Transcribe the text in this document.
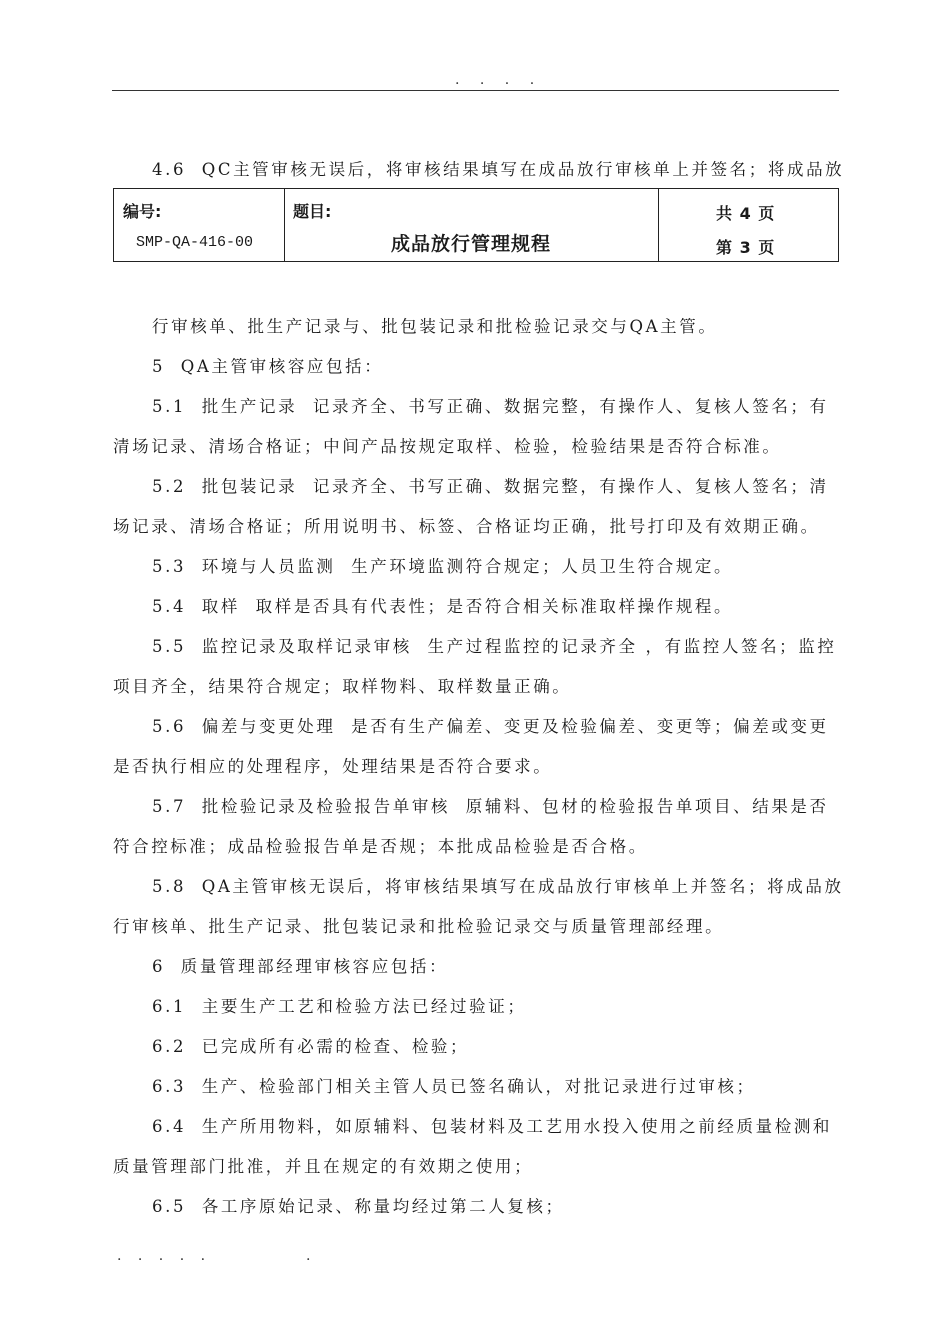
. . . .
4.6  QC主管审核无误后，将审核结果填写在成品放行审核单上并签名；将成品放
编号:
SMP-QA-416-00
题目:
成品放行管理规程
共 4 页
第 3 页
行审核单、批生产记录与、批包装记录和批检验记录交与QA主管。
5  QA主管审核容应包括：
5.1  批生产记录  记录齐全、书写正确、数据完整，有操作人、复核人签名；有
清场记录、清场合格证；中间产品按规定取样、检验，检验结果是否符合标准。
5.2  批包装记录  记录齐全、书写正确、数据完整，有操作人、复核人签名；清
场记录、清场合格证；所用说明书、标签、合格证均正确，批号打印及有效期正确。
5.3  环境与人员监测  生产环境监测符合规定；人员卫生符合规定。
5.4  取样  取样是否具有代表性；是否符合相关标准取样操作规程。
5.5  监控记录及取样记录审核  生产过程监控的记录齐全 ，有监控人签名；监控
项目齐全，结果符合规定；取样物料、取样数量正确。
5.6  偏差与变更处理  是否有生产偏差、变更及检验偏差、变更等；偏差或变更
是否执行相应的处理程序，处理结果是否符合要求。
5.7  批检验记录及检验报告单审核  原辅料、包材的检验报告单项目、结果是否
符合控标准；成品检验报告单是否规；本批成品检验是否合格。
5.8  QA主管审核无误后，将审核结果填写在成品放行审核单上并签名；将成品放
行审核单、批生产记录、批包装记录和批检验记录交与质量管理部经理。
6  质量管理部经理审核容应包括：
6.1  主要生产工艺和检验方法已经过验证；
6.2  已完成所有必需的检查、检验；
6.3  生产、检验部门相关主管人员已签名确认，对批记录进行过审核；
6.4  生产所用物料，如原辅料、包装材料及工艺用水投入使用之前经质量检测和
质量管理部门批准，并且在规定的有效期之使用；
6.5  各工序原始记录、称量均经过第二人复核；
. . . . .	.
